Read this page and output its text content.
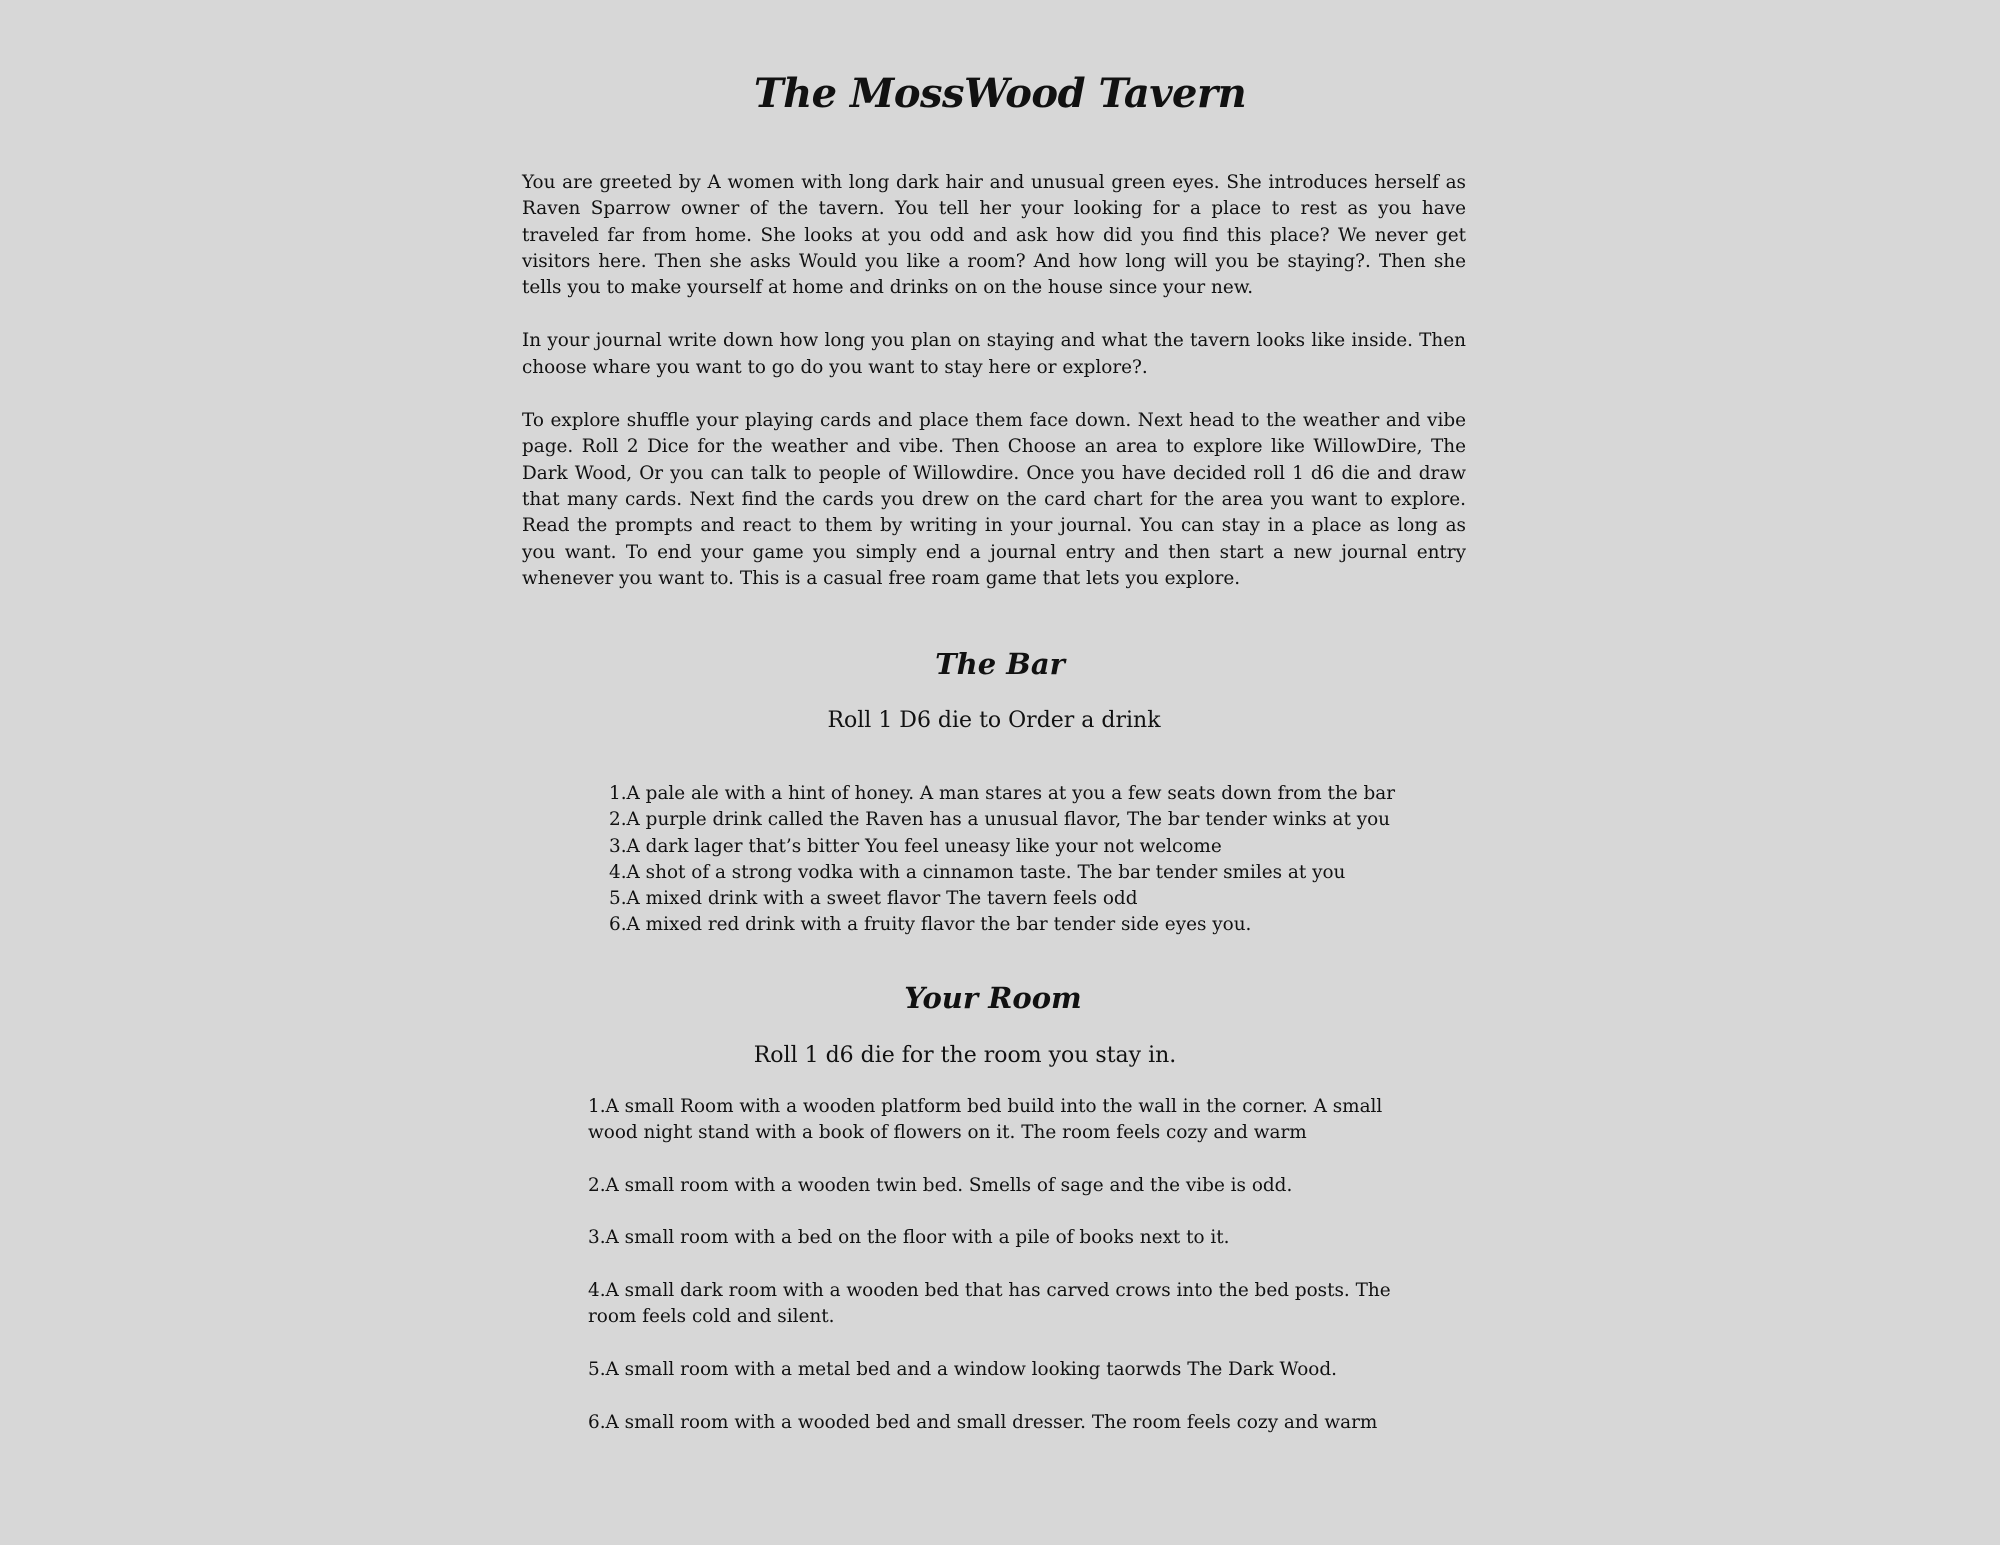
The MossWood Tavern

You are greeted by A women with long dark hair and unusual green eyes. She introduces herself as Raven Sparrow owner of the tavern. You tell her your looking for a place to rest as you have traveled far from home. She looks at you odd and ask how did you find this place? We never get visitors here. Then she asks Would you like a room? And how long will you be staying?. Then she tells you to make yourself at home and drinks on on the house since your new.

In your journal write down how long you plan on staying and what the tavern looks like inside. Then choose whare you want to go do you want to stay here or explore?.

To explore shuffle your playing cards and place them face down. Next head to the weather and vibe page. Roll 2 Dice for the weather and vibe. Then Choose an area to explore like WillowDire, The Dark Wood, Or you can talk to people of Willowdire. Once you have decided roll 1 d6 die and draw that many cards. Next find the cards you drew on the card chart for the area you want to explore. Read the prompts and react to them by writing in your journal. You can stay in a place as long as you want. To end your game you simply end a journal entry and then start a new journal entry whenever you want to. This is a casual free roam game that lets you explore.

The Bar
Roll 1 D6 die to Order a drink
1.A pale ale with a hint of honey. A man stares at you a few seats down from the bar
2.A purple drink called the Raven has a unusual flavor, The bar tender winks at you
3.A dark lager that’s bitter You feel uneasy like your not welcome
4.A shot of a strong vodka with a cinnamon taste. The bar tender smiles at you
5.A mixed drink with a sweet flavor The tavern feels odd
6.A mixed red drink with a fruity flavor the bar tender side eyes you.
Your Room
Roll 1 d6 die for the room you stay in.
1.A small Room with a wooden platform bed build into the wall in the corner. A small wood night stand with a book of flowers on it. The room feels cozy and warm
2.A small room with a wooden twin bed. Smells of sage and the vibe is odd.
3.A small room with a bed on the floor with a pile of books next to it.
4.A small dark room with a wooden bed that has carved crows into the bed posts. The room feels cold and silent.
5.A small room with a metal bed and a window looking taorwds The Dark Wood.
6.A small room with a wooded bed and small dresser. The room feels cozy and warm
